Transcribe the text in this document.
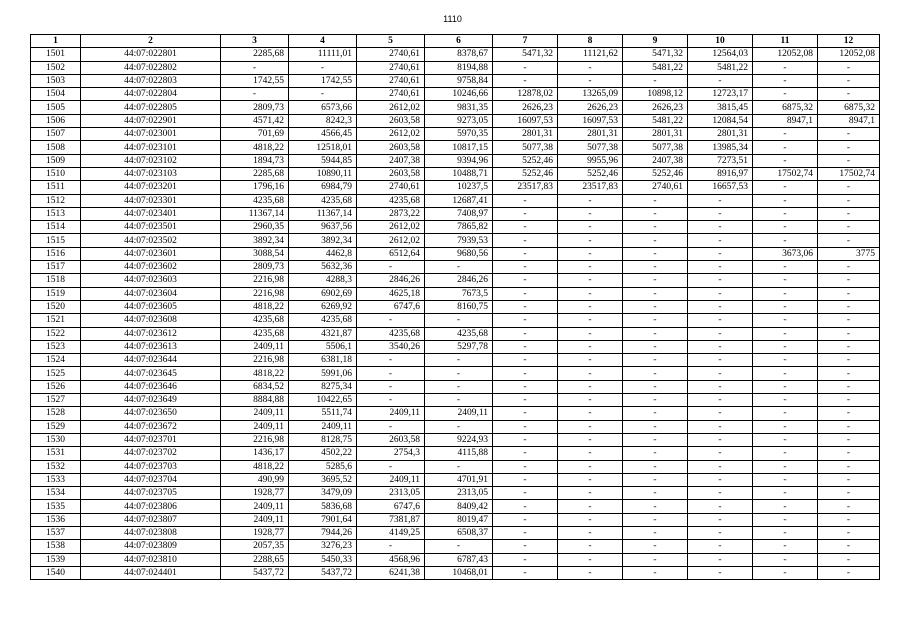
1110
1	2	3	4	5	6	7	8	9	10	11	12
1501	44:07:022801	2285,68	11111,01	2740,61	8378,67	5471,32	11121,62	5471,32	12564,03	12052,08	12052,08
1502	44:07:022802	-	-	2740,61	8194,88	-	-	5481,22	5481,22	-	-
1503	44:07:022803	1742,55	1742,55	2740,61	9758,84	-	-	-	-	-	-
1504	44:07:022804	-	-	2740,61	10246,66	12878,02	13265,09	10898,12	12723,17	-	-
1505	44:07:022805	2809,73	6573,66	2612,02	9831,35	2626,23	2626,23	2626,23	3815,45	6875,32	6875,32
1506	44:07:022901	4571,42	8242,3	2603,58	9273,05	16097,53	16097,53	5481,22	12084,54	8947,1	8947,1
1507	44:07:023001	701,69	4566,45	2612,02	5970,35	2801,31	2801,31	2801,31	2801,31	-	-
1508	44:07:023101	4818,22	12518,01	2603,58	10817,15	5077,38	5077,38	5077,38	13985,34	-	-
1509	44:07:023102	1894,73	5944,85	2407,38	9394,96	5252,46	9955,96	2407,38	7273,51	-	-
1510	44:07:023103	2285,68	10890,11	2603,58	10488,71	5252,46	5252,46	5252,46	8916,97	17502,74	17502,74
1511	44:07:023201	1796,16	6984,79	2740,61	10237,5	23517,83	23517,83	2740,61	16657,53	-	-
1512	44:07:023301	4235,68	4235,68	4235,68	12687,41	-	-	-	-	-	-
1513	44:07:023401	11367,14	11367,14	2873,22	7408,97	-	-	-	-	-	-
1514	44:07:023501	2960,35	9637,56	2612,02	7865,82	-	-	-	-	-	-
1515	44:07:023502	3892,34	3892,34	2612,02	7939,53	-	-	-	-	-	-
1516	44:07:023601	3088,54	4462,8	6512,64	9680,56	-	-	-	-	3673,06	3775
1517	44:07:023602	2809,73	5632,36	-	-	-	-	-	-	-	-
1518	44:07:023603	2216,98	4288,3	2846,26	2846,26	-	-	-	-	-	-
1519	44:07:023604	2216,98	6902,69	4625,18	7673,5	-	-	-	-	-	-
1520	44:07:023605	4818,22	6269,92	6747,6	8160,75	-	-	-	-	-	-
1521	44:07:023608	4235,68	4235,68	-	-	-	-	-	-	-	-
1522	44:07:023612	4235,68	4321,87	4235,68	4235,68	-	-	-	-	-	-
1523	44:07:023613	2409,11	5506,1	3540,26	5297,78	-	-	-	-	-	-
1524	44:07:023644	2216,98	6381,18	-	-	-	-	-	-	-	-
1525	44:07:023645	4818,22	5991,06	-	-	-	-	-	-	-	-
1526	44:07:023646	6834,52	8275,34	-	-	-	-	-	-	-	-
1527	44:07:023649	8884,88	10422,65	-	-	-	-	-	-	-	-
1528	44:07:023650	2409,11	5511,74	2409,11	2409,11	-	-	-	-	-	-
1529	44:07:023672	2409,11	2409,11	-	-	-	-	-	-	-	-
1530	44:07:023701	2216,98	8128,75	2603,58	9224,93	-	-	-	-	-	-
1531	44:07:023702	1436,17	4502,22	2754,3	4115,88	-	-	-	-	-	-
1532	44:07:023703	4818,22	5285,6	-	-	-	-	-	-	-	-
1533	44:07:023704	490,99	3695,52	2409,11	4701,91	-	-	-	-	-	-
1534	44:07:023705	1928,77	3479,09	2313,05	2313,05	-	-	-	-	-	-
1535	44:07:023806	2409,11	5836,68	6747,6	8409,42	-	-	-	-	-	-
1536	44:07:023807	2409,11	7901,64	7381,87	8019,47	-	-	-	-	-	-
1537	44:07:023808	1928,77	7944,26	4149,25	6508,37	-	-	-	-	-	-
1538	44:07:023809	2057,35	3276,23	-	-	-	-	-	-	-	-
1539	44:07:023810	2288,65	5450,33	4568,96	6787,43	-	-	-	-	-	-
1540	44:07:024401	5437,72	5437,72	6241,38	10468,01	-	-	-	-	-	-
